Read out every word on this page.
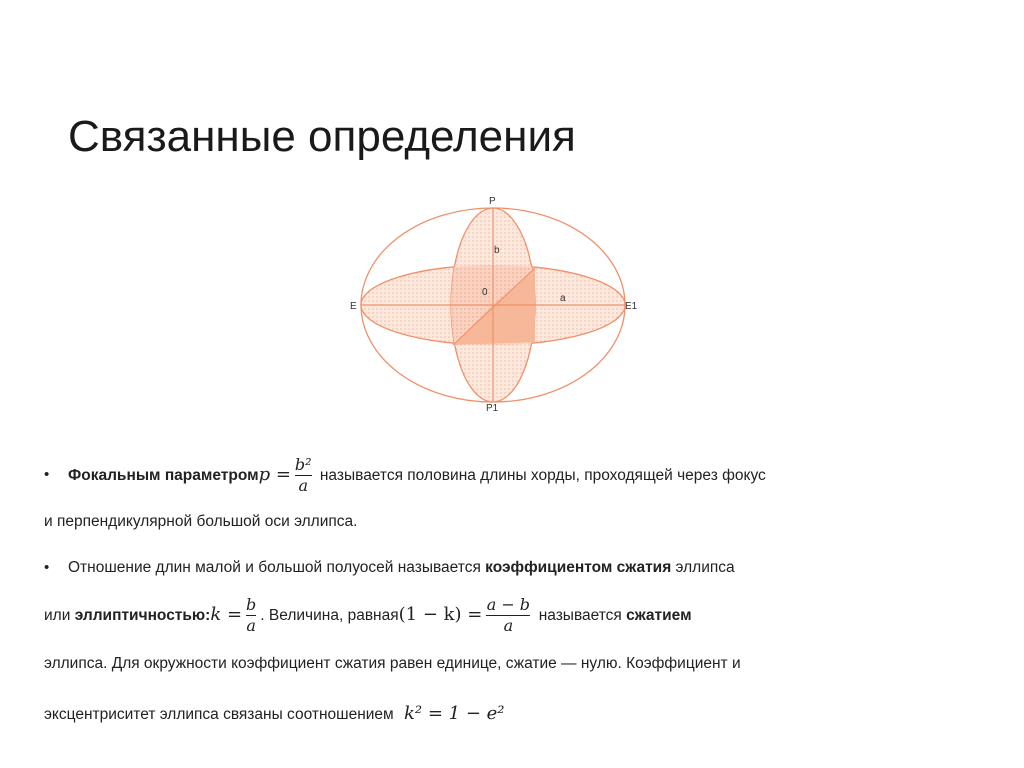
Связанные определения
P
P1
E	E1
0
b
a
• Фокальным параметромp = $\frac{\text{b²}}{a}$ называется половина длины хорды, проходящей через фокус
и перпендикулярной большой оси эллипса.
• Отношение длин малой и большой полуосей называется коэффициентом сжатия эллипса
или эллиптичностью:k = $\frac{b}{a}$ . Величина, равная(1 − $k) = \frac{a - b}{a}$ называется сжатием
эллипса. Для окружности коэффициент сжатия равен единице, сжатие — нулю. Коэффициент и
эксцентриситет эллипса связаны соотношением k² = 1 − e²
